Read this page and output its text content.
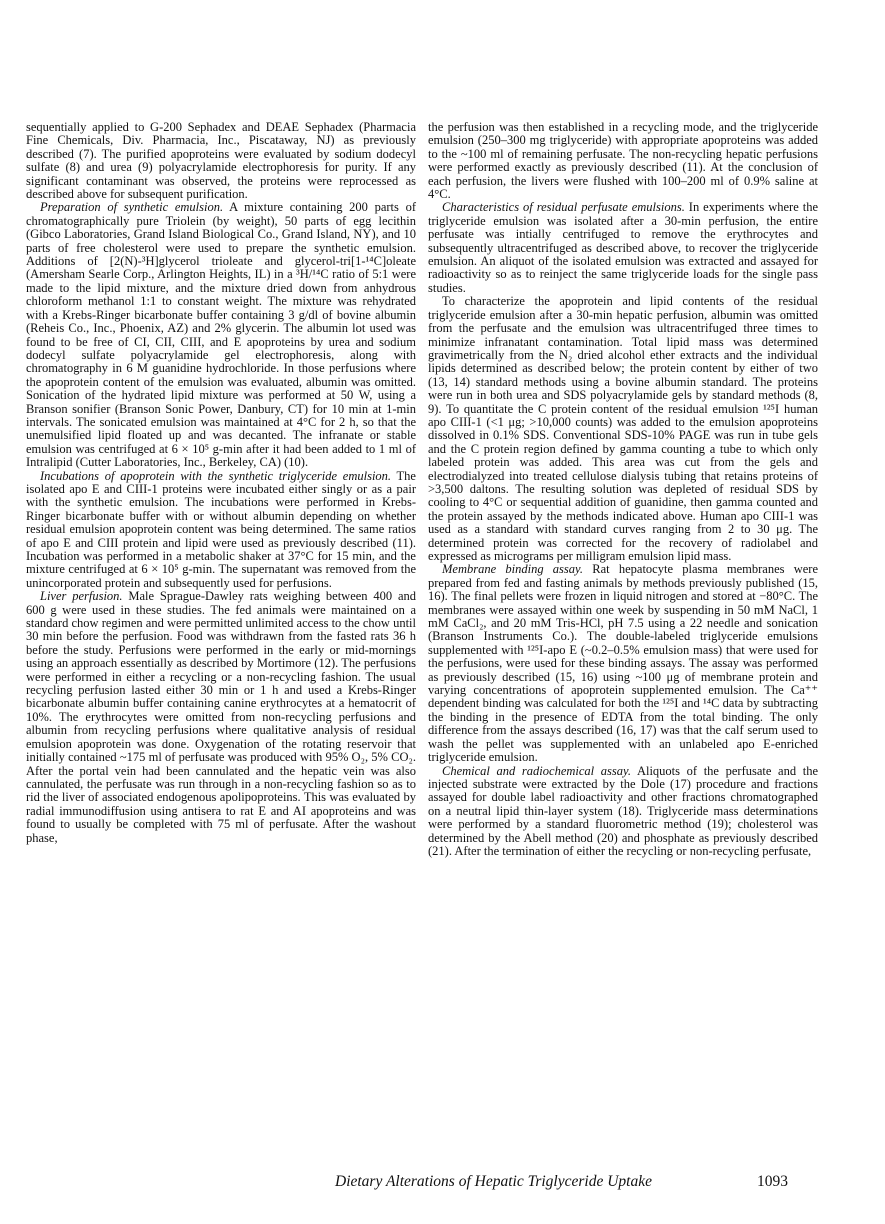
sequentially applied to G-200 Sephadex and DEAE Sephadex (Pharmacia Fine Chemicals, Div. Pharmacia, Inc., Piscataway, NJ) as previously described (7). The purified apoproteins were evaluated by sodium dodecyl sulfate (8) and urea (9) polyacrylamide electrophoresis for purity. If any significant contaminant was observed, the proteins were reprocessed as described above for subsequent purification.

Preparation of synthetic emulsion. A mixture containing 200 parts of chromatographically pure Triolein (by weight), 50 parts of egg lecithin (Gibco Laboratories, Grand Island Biological Co., Grand Island, NY), and 10 parts of free cholesterol were used to prepare the synthetic emulsion. Additions of [2(N)-³H]glycerol trioleate and glycerol-tri[1-¹⁴C]oleate (Amersham Searle Corp., Arlington Heights, IL) in a ³H/¹⁴C ratio of 5:1 were made to the lipid mixture, and the mixture dried down from anhydrous chloroform methanol 1:1 to constant weight. The mixture was rehydrated with a Krebs-Ringer bicarbonate buffer containing 3 g/dl of bovine albumin (Reheis Co., Inc., Phoenix, AZ) and 2% glycerin. The albumin lot used was found to be free of CI, CII, CIII, and E apoproteins by urea and sodium dodecyl sulfate polyacrylamide gel electrophoresis, along with chromatography in 6 M guanidine hydrochloride. In those perfusions where the apoprotein content of the emulsion was evaluated, albumin was omitted. Sonication of the hydrated lipid mixture was performed at 50 W, using a Branson sonifier (Branson Sonic Power, Danbury, CT) for 10 min at 1-min intervals. The sonicated emulsion was maintained at 4°C for 2 h, so that the unemulsified lipid floated up and was decanted. The infranate or stable emulsion was centrifuged at 6 × 10⁵ g-min after it had been added to 1 ml of Intralipid (Cutter Laboratories, Inc., Berkeley, CA) (10).

Incubations of apoprotein with the synthetic triglyceride emulsion. The isolated apo E and CIII-1 proteins were incubated either singly or as a pair with the synthetic emulsion. The incubations were performed in Krebs-Ringer bicarbonate buffer with or without albumin depending on whether residual emulsion apoprotein content was being determined. The same ratios of apo E and CIII protein and lipid were used as previously described (11). Incubation was performed in a metabolic shaker at 37°C for 15 min, and the mixture centrifuged at 6 × 10⁵ g-min. The supernatant was removed from the unincorporated protein and subsequently used for perfusions.

Liver perfusion. Male Sprague-Dawley rats weighing between 400 and 600 g were used in these studies. The fed animals were maintained on a standard chow regimen and were permitted unlimited access to the chow until 30 min before the perfusion. Food was withdrawn from the fasted rats 36 h before the study. Perfusions were performed in the early or mid-mornings using an approach essentially as described by Mortimore (12). The perfusions were performed in either a recycling or a non-recycling fashion. The usual recycling perfusion lasted either 30 min or 1 h and used a Krebs-Ringer bicarbonate albumin buffer containing canine erythrocytes at a hematocrit of 10%. The erythrocytes were omitted from non-recycling perfusions and albumin from recycling perfusions where qualitative analysis of residual emulsion apoprotein was done. Oxygenation of the rotating reservoir that initially contained ~175 ml of perfusate was produced with 95% O₂, 5% CO₂. After the portal vein had been cannulated and the hepatic vein was also cannulated, the perfusate was run through in a non-recycling fashion so as to rid the liver of associated endogenous apolipoproteins. This was evaluated by radial immunodiffusion using antisera to rat E and AI apoproteins and was found to usually be completed with 75 ml of perfusate. After the washout phase,

the perfusion was then established in a recycling mode, and the triglyceride emulsion (250–300 mg triglyceride) with appropriate apoproteins was added to the ~100 ml of remaining perfusate. The non-recycling hepatic perfusions were performed exactly as previously described (11). At the conclusion of each perfusion, the livers were flushed with 100–200 ml of 0.9% saline at 4°C.

Characteristics of residual perfusate emulsions. In experiments where the triglyceride emulsion was isolated after a 30-min perfusion, the entire perfusate was intially centrifuged to remove the erythrocytes and subsequently ultracentrifuged as described above, to recover the triglyceride emulsion. An aliquot of the isolated emulsion was extracted and assayed for radioactivity so as to reinject the same triglyceride loads for the single pass studies.

To characterize the apoprotein and lipid contents of the residual triglyceride emulsion after a 30-min hepatic perfusion, albumin was omitted from the perfusate and the emulsion was ultracentrifuged three times to minimize infranatant contamination. Total lipid mass was determined gravimetrically from the N₂ dried alcohol ether extracts and the individual lipids determined as described below; the protein content by either of two (13, 14) standard methods using a bovine albumin standard. The proteins were run in both urea and SDS polyacrylamide gels by standard methods (8, 9). To quantitate the C protein content of the residual emulsion ¹²⁵I human apo CIII-1 (<1 μg; >10,000 counts) was added to the emulsion apoproteins dissolved in 0.1% SDS. Conventional SDS-10% PAGE was run in tube gels and the C protein region defined by gamma counting a tube to which only labeled protein was added. This area was cut from the gels and electrodialyzed into treated cellulose dialysis tubing that retains proteins of >3,500 daltons. The resulting solution was depleted of residual SDS by cooling to 4°C or sequential addition of guanidine, then gamma counted and the protein assayed by the methods indicated above. Human apo CIII-1 was used as a standard with standard curves ranging from 2 to 30 μg. The determined protein was corrected for the recovery of radiolabel and expressed as micrograms per milligram emulsion lipid mass.

Membrane binding assay. Rat hepatocyte plasma membranes were prepared from fed and fasting animals by methods previously published (15, 16). The final pellets were frozen in liquid nitrogen and stored at −80°C. The membranes were assayed within one week by suspending in 50 mM NaCl, 1 mM CaCl₂, and 20 mM Tris-HCl, pH 7.5 using a 22 needle and sonication (Branson Instruments Co.). The double-labeled triglyceride emulsions supplemented with ¹²⁵I-apo E (~0.2–0.5% emulsion mass) that were used for the perfusions, were used for these binding assays. The assay was performed as previously described (15, 16) using ~100 μg of membrane protein and varying concentrations of apoprotein supplemented emulsion. The Ca⁺⁺ dependent binding was calculated for both the ¹²⁵I and ¹⁴C data by subtracting the binding in the presence of EDTA from the total binding. The only difference from the assays described (16, 17) was that the calf serum used to wash the pellet was supplemented with an unlabeled apo E-enriched triglyceride emulsion.

Chemical and radiochemical assay. Aliquots of the perfusate and the injected substrate were extracted by the Dole (17) procedure and fractions assayed for double label radioactivity and other fractions chromatographed on a neutral lipid thin-layer system (18). Triglyceride mass determinations were performed by a standard fluorometric method (19); cholesterol was determined by the Abell method (20) and phosphate as previously described (21). After the termination of either the recycling or non-recycling perfusate,

Dietary Alterations of Hepatic Triglyceride Uptake	1093
